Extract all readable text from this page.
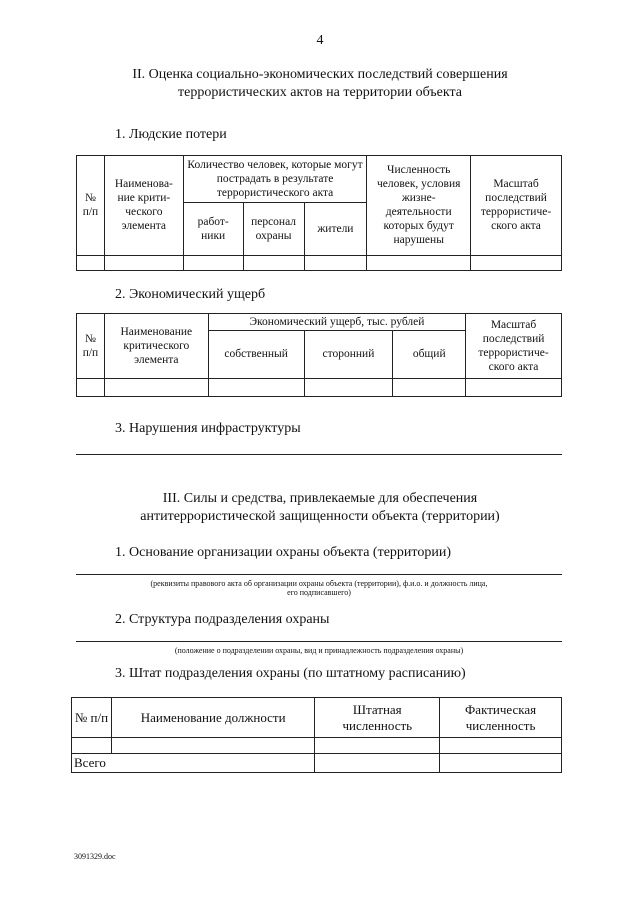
4
II. Оценка социально-экономических последствий совершения
террористических актов на территории объекта
1. Людские потери
№ п/п	Наименова-ние крити-ческого элемента	Количество человек, которые могут пострадать в результате террористического акта			Численность человек, условия жизне-деятельности которых будут нарушены	Масштаб последствий террористиче-ского акта
		работ-ники	персонал охраны	жители		

2. Экономический ущерб
№ п/п	Наименование критического элемента	Экономический ущерб, тыс. рублей			Масштаб последствий террористиче-ского акта
		собственный	сторонний	общий	

3. Нарушения инфраструктуры
III. Силы и средства, привлекаемые для обеспечения
антитеррористической защищенности объекта (территории)
1. Основание организации охраны объекта (территории)
(реквизиты правового акта об организации охраны объекта (территории), ф.и.о. и должность лица,
его подписавшего)
2. Структура подразделения охраны
(положение о подразделении охраны, вид и принадлежность подразделения охраны)
3. Штат подразделения охраны (по штатному расписанию)
№ п/п	Наименование должности	Штатная численность	Фактическая численность

Всего			
3091329.doc
